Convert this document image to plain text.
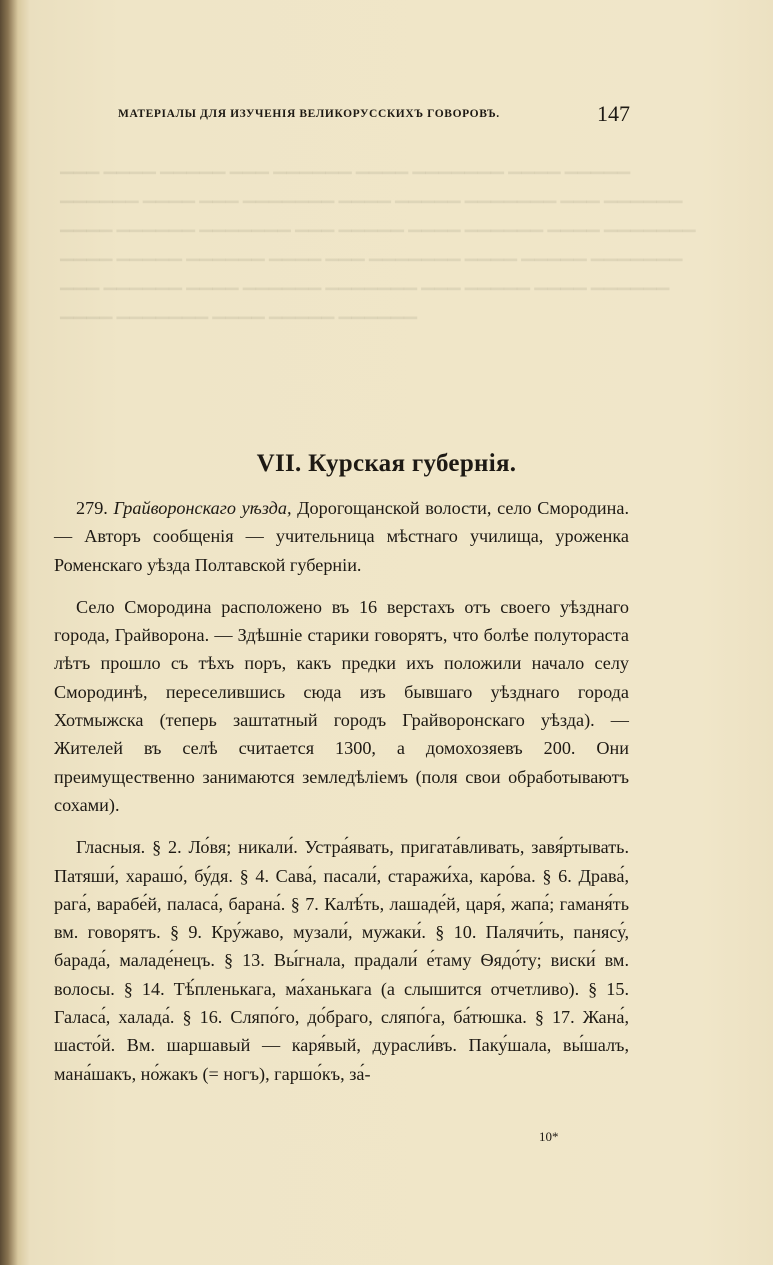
▁▁▁ ▁▁▁▁ ▁▁▁▁▁ ▁▁▁ ▁▁▁▁▁▁ ▁▁▁▁ ▁▁▁▁▁▁▁ ▁▁▁▁ ▁▁▁▁▁ ▁▁▁▁▁▁ ▁▁▁▁ ▁▁▁ ▁▁▁▁▁▁▁ ▁▁▁▁ ▁▁▁▁▁ ▁▁▁▁▁▁▁ ▁▁▁ ▁▁▁▁▁▁ ▁▁▁▁ ▁▁▁▁▁▁ ▁▁▁▁▁▁▁ ▁▁▁ ▁▁▁▁▁ ▁▁▁▁ ▁▁▁▁▁▁ ▁▁▁▁ ▁▁▁▁▁▁▁ ▁▁▁▁ ▁▁▁▁▁ ▁▁▁▁▁▁ ▁▁▁▁ ▁▁▁ ▁▁▁▁▁▁▁ ▁▁▁▁ ▁▁▁▁▁ ▁▁▁▁▁▁▁ ▁▁▁ ▁▁▁▁▁▁ ▁▁▁▁ ▁▁▁▁▁▁ ▁▁▁▁▁▁▁ ▁▁▁ ▁▁▁▁▁ ▁▁▁▁ ▁▁▁▁▁▁ ▁▁▁▁ ▁▁▁▁▁▁▁ ▁▁▁▁ ▁▁▁▁▁ ▁▁▁▁▁▁
МАТЕРІАЛЫ ДЛЯ ИЗУЧЕНІЯ ВЕЛИКОРУССКИХЪ ГОВОРОВЪ.	147
VII. Курская губернія.

279. Грайворонскаго уѣзда, Дорогощанской волости, село Смородина. — Авторъ сообщенія — учительница мѣстнаго училища, уроженка Роменскаго уѣзда Полтавской губерніи.

Село Смородина расположено въ 16 верстахъ отъ своего уѣзднаго города, Грайворона. — Здѣшніе старики говорятъ, что болѣе полутораста лѣтъ прошло съ тѣхъ поръ, какъ предки ихъ положили начало селу Смородинѣ, переселившись сюда изъ бывшаго уѣзднаго города Хотмыжска (теперь заштатный городъ Грайворонскаго уѣзда). — Жителей въ селѣ считается 1300, а домохозяевъ 200. Они преимущественно занимаются земледѣліемъ (поля свои обработываютъ сохами).

Гласныя. § 2. Ло́вя; никали́. Устра́явать, пригата́вливать, завя́ртывать. Патяши́, харашо́, бу́дя. § 4. Сава́, пасали́, старажи́ха, каро́ва. § 6. Драва́, рага́, варабе́й, паласа́, барана́. § 7. Калѣ́ть, лашаде́й, царя́, жапа́; гаманя́ть вм. говорятъ. § 9. Кру́жаво, музали́, мужаки́. § 10. Палячи́ть, панясу́, барада́, маладе́нецъ. § 13. Вы́гнала, прадали́ е́таму Ѳядо́ту; виски́ вм. волосы. § 14. Тѣ́пленькага, ма́ханькага (а слышится отчетливо). § 15. Галаса́, халада́. § 16. Сляпо́го, до́браго, сляпо́га, ба́тюшка. § 17. Жана́, шасто́й. Вм. шаршавый — каря́вый, дурасли́въ. Паку́шала, вы́шалъ, мана́шакъ, но́жакъ (= ногъ), гаршо́къ, за́-

10*
